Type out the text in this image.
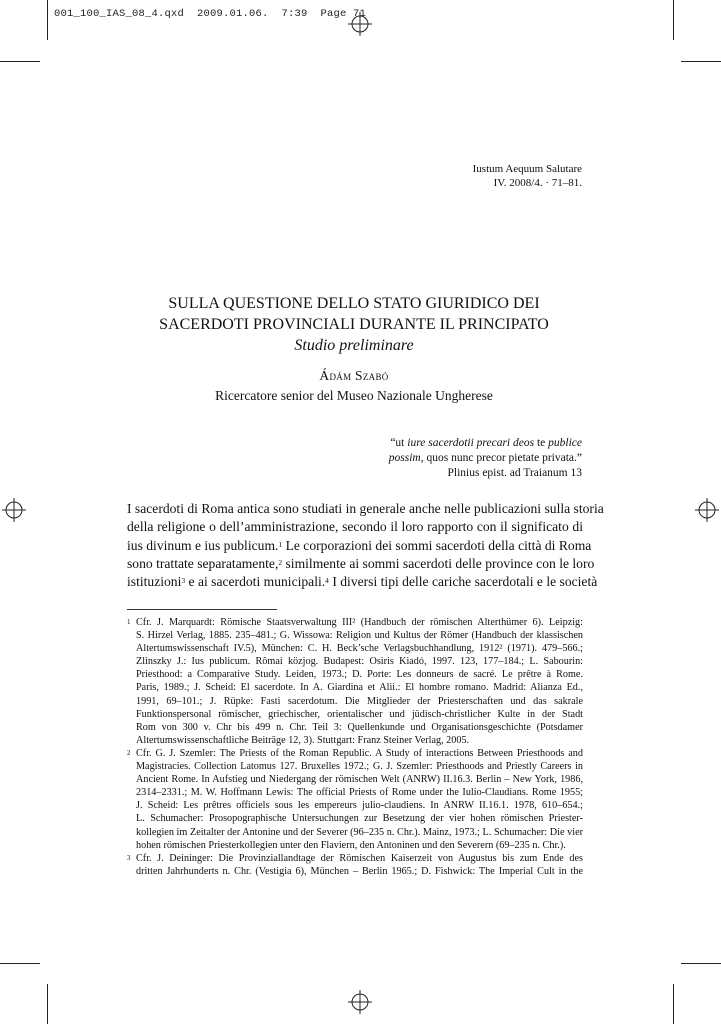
001_100_IAS_08_4.qxd  2009.01.06.  7:39  Page 71
Iustum Aequum Salutare
IV. 2008/4. · 71–81.
SULLA QUESTIONE DELLO STATO GIURIDICO DEI
SACERDOTI PROVINCIALI DURANTE IL PRINCIPATO
Studio preliminare
Ádám Szabó
Ricercatore senior del Museo Nazionale Ungherese
“ut iure sacerdotii precari deos te publice
possim, quos nunc precor pietate privata.”
Plinius epist. ad Traianum 13
I sacerdoti di Roma antica sono studiati in generale anche nelle publicazioni sulla storia
della religione o dell’amministrazione, secondo il loro rapporto con il significato di
ius divinum e ius publicum.$^1$ Le corporazioni dei sommi sacerdoti della città di Roma
sono trattate separatamente,$^2$ similmente ai sommi sacerdoti delle province con le loro
istituzioni$^3$ e ai sacerdoti municipali.$^4$ I diversi tipi delle cariche sacerdotali e le società
1 Cfr. J. Marquardt: Römische Staatsverwaltung III² (Handbuch der römischen Alterthümer 6). Leipzig:
S. Hirzel Verlag, 1885. 235–481.; G. Wissowa: Religion und Kultus der Römer (Handbuch der klassischen
Altertumswissenschaft IV.5), München: C. H. Beck’sche Verlagsbuchhandlung, 1912² (1971). 479–566.;
Zlinszky J.: Ius publicum. Rômai közjog. Budapest: Osiris Kiadó, 1997. 123, 177–184.; L. Sabourin:
Priesthood: a Comparative Study. Leiden, 1973.; D. Porte: Les donneurs de sacré. Le prêtre à Rome.
Paris, 1989.; J. Scheid: El sacerdote. In A. Giardina et Alii.: El hombre romano. Madrid: Alianza Ed.,
1991, 69–101.; J. Rüpke: Fasti sacerdotum. Die Mitglieder der Priesterschaften und das sakrale
Funktionspersonal römischer, griechischer, orientalischer und jüdisch-christlicher Kulte in der Stadt
Rom von 300 v. Chr bis 499 n. Chr. Teil 3: Quellenkunde und Organisationsgeschichte (Potsdamer
Altertumswissenschaftliche Beiträge 12, 3). Stuttgart: Franz Steiner Verlag, 2005.
2 Cfr. G. J. Szemler: The Priests of the Roman Republic. A Study of interactions Between Priesthoods and
Magistracies. Collection Latomus 127. Bruxelles 1972.; G. J. Szemler: Priesthoods and Priestly Careers in
Ancient Rome. In Aufstieg und Niedergang der römischen Welt (ANRW) II.16.3. Berlin – New York, 1986,
2314–2331.; M. W. Hoffmann Lewis: The official Priests of Rome under the Iulio-Claudians. Rome 1955;
J. Scheid: Les prêtres officiels sous les empereurs julio-claudiens. In ANRW II.16.1. 1978, 610–654.;
L. Schumacher: Prosopographische Untersuchungen zur Besetzung der vier hohen römischen Priester-
kollegien im Zeitalter der Antonine und der Severer (96–235 n. Chr.). Mainz, 1973.; L. Schumacher: Die vier
hohen römischen Priesterkollegien unter den Flaviern, den Antoninen und den Severern (69–235 n. Chr.).
3 Cfr. J. Deininger: Die Provinziallandtage der Römischen Kaiserzeit von Augustus bis zum Ende des
dritten Jahrhunderts n. Chr. (Vestigia 6), München – Berlin 1965.; D. Fishwick: The Imperial Cult in the
